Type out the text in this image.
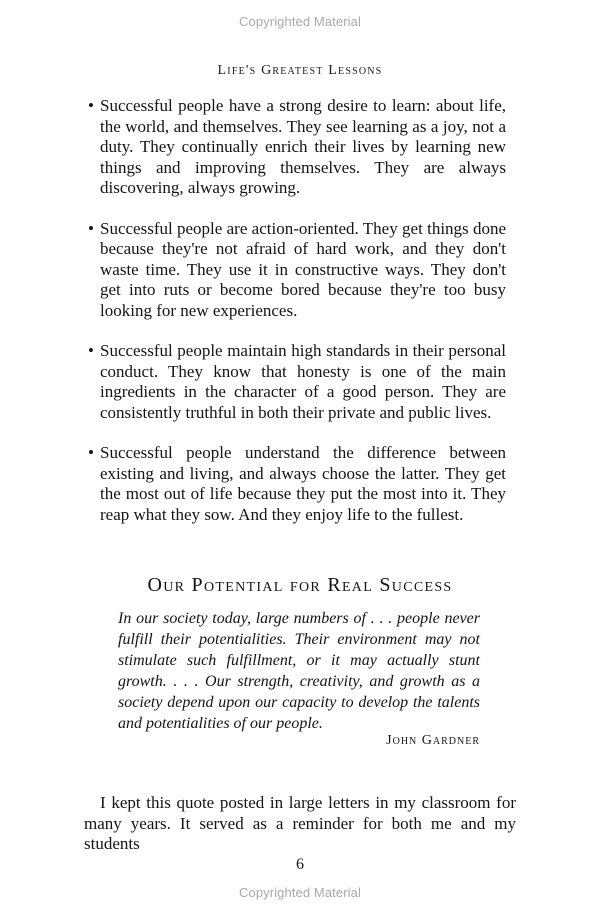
Copyrighted Material
Life's Greatest Lessons
• Successful people have a strong desire to learn: about life, the world, and themselves. They see learning as a joy, not a duty. They continually enrich their lives by learning new things and improving themselves. They are always discovering, always growing.
• Successful people are action-oriented. They get things done because they're not afraid of hard work, and they don't waste time. They use it in constructive ways. They don't get into ruts or become bored because they're too busy looking for new experiences.
• Successful people maintain high standards in their personal conduct. They know that honesty is one of the main ingredients in the character of a good person. They are consistently truthful in both their private and public lives.
• Successful people understand the difference between existing and living, and always choose the latter. They get the most out of life because they put the most into it. They reap what they sow. And they enjoy life to the fullest.
Our Potential for Real Success

In our society today, large numbers of . . . people never fulfill their potentialities. Their environment may not stimulate such fulfillment, or it may actually stunt growth. . . . Our strength, creativity, and growth as a society depend upon our capacity to develop the talents and potentialities of our people.

John Gardner

I kept this quote posted in large letters in my classroom for many years. It served as a reminder for both me and my students

6
Copyrighted Material
